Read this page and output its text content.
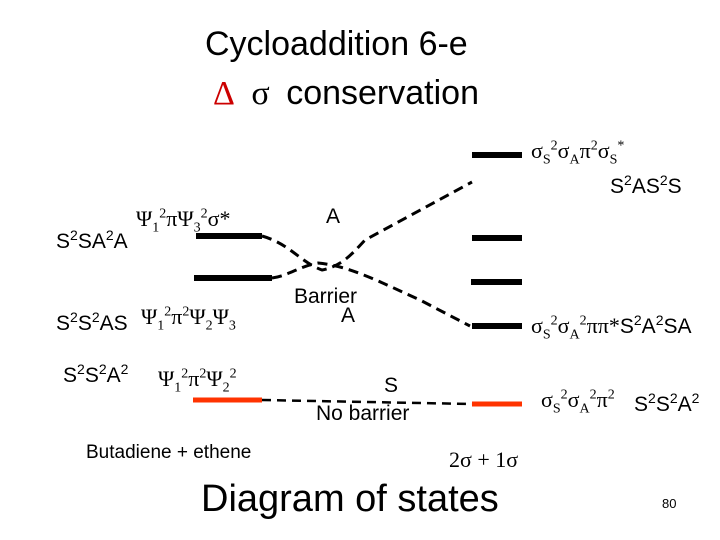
Cycloaddition 6-e
Δ σ conservation
$\Psi_1^2\pi\Psi_3^2\sigma*$
$S^2SA^2A$
$S^2S^2AS$ $\Psi_1^2\pi^2\Psi_2\Psi_3$
$S^2S^2A^2$ $\Psi_1^2\pi^2\Psi_2^2$
Butadiene + ethene
A
Barrier
A
S
No barrier
2σ + 1σ
$\sigma_S^2\sigma_A\pi^2\sigma_S^*$
$S^2AS^2S$
$\sigma_S^2\sigma_A^2\pi\pi*S^2A^2SA$
$\sigma_S^2\sigma_A^2\pi^2$ $S^2S^2A^2$
Diagram of states	80
